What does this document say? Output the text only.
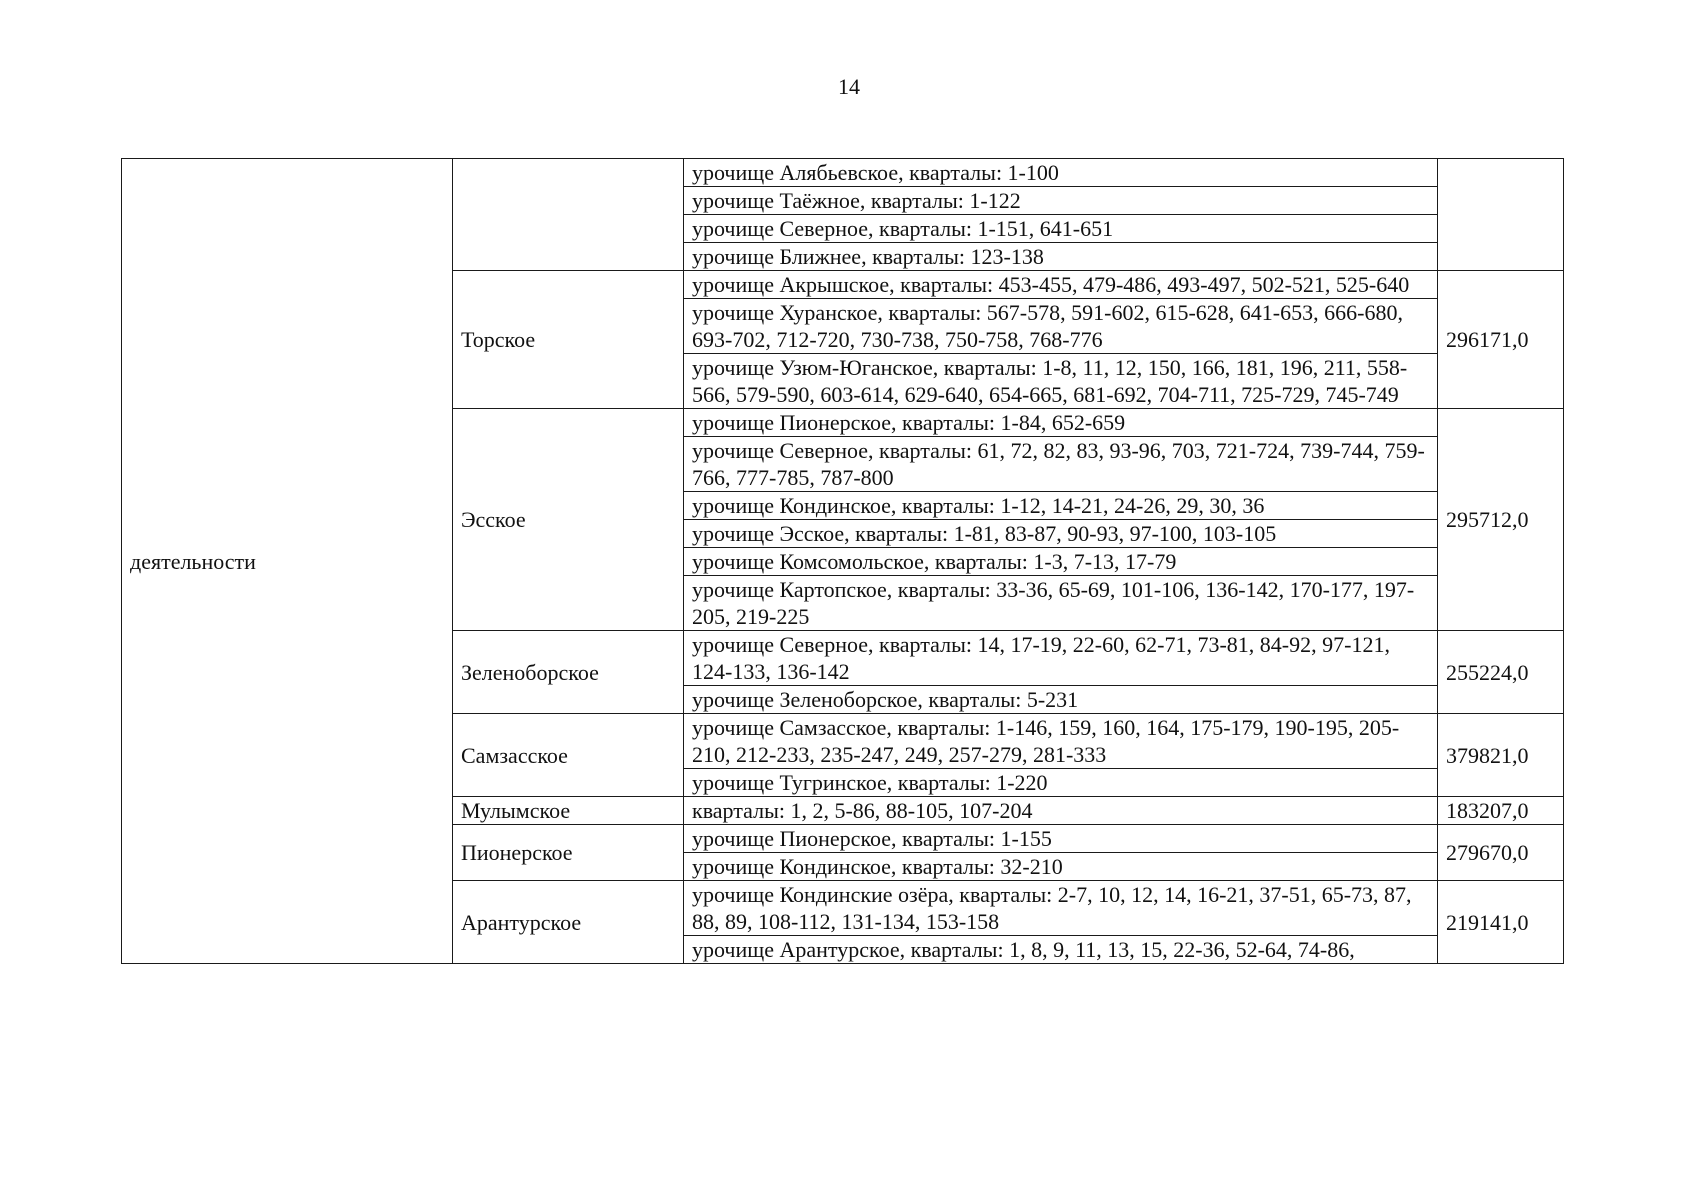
14
деятельности		урочище Алябьевское, кварталы: 1-100	
		урочище Таёжное, кварталы: 1-122	
		урочище Северное, кварталы: 1-151, 641-651	
		урочище Ближнее, кварталы: 123-138	
	Торское	урочище Акрышское, кварталы: 453-455, 479-486, 493-497, 502-521, 525-640	296171,0
		урочище Хуранское, кварталы: 567-578, 591-602, 615-628, 641-653, 666-680, 693-702, 712-720, 730-738, 750-758, 768-776	
		урочище Узюм-Юганское, кварталы: 1-8, 11, 12, 150, 166, 181, 196, 211, 558-566, 579-590, 603-614, 629-640, 654-665, 681-692, 704-711, 725-729, 745-749	
	Эсское	урочище Пионерское, кварталы: 1-84, 652-659	295712,0
		урочище Северное, кварталы: 61, 72, 82, 83, 93-96, 703, 721-724, 739-744, 759-766, 777-785, 787-800	
		урочище Кондинское, кварталы: 1-12, 14-21, 24-26, 29, 30, 36	
		урочище Эсское, кварталы: 1-81, 83-87, 90-93, 97-100, 103-105	
		урочище Комсомольское, кварталы: 1-3, 7-13, 17-79	
		урочище Картопское, кварталы: 33-36, 65-69, 101-106, 136-142, 170-177, 197-205, 219-225	
	Зеленоборское	урочище Северное, кварталы: 14, 17-19, 22-60, 62-71, 73-81, 84-92, 97-121, 124-133, 136-142	255224,0
		урочище Зеленоборское, кварталы: 5-231	
	Самзасское	урочище Самзасское, кварталы: 1-146, 159, 160, 164, 175-179, 190-195, 205-210, 212-233, 235-247, 249, 257-279, 281-333	379821,0
		урочище Тугринское, кварталы: 1-220	
	Мулымское	кварталы: 1, 2, 5-86, 88-105, 107-204	183207,0
	Пионерское	урочище Пионерское, кварталы: 1-155	279670,0
		урочище Кондинское, кварталы: 32-210	
	Арантурское	урочище Кондинские озёра, кварталы: 2-7, 10, 12, 14, 16-21, 37-51, 65-73, 87, 88, 89, 108-112, 131-134, 153-158	219141,0
		урочище Арантурское, кварталы: 1, 8, 9, 11, 13, 15, 22-36, 52-64, 74-86,	
